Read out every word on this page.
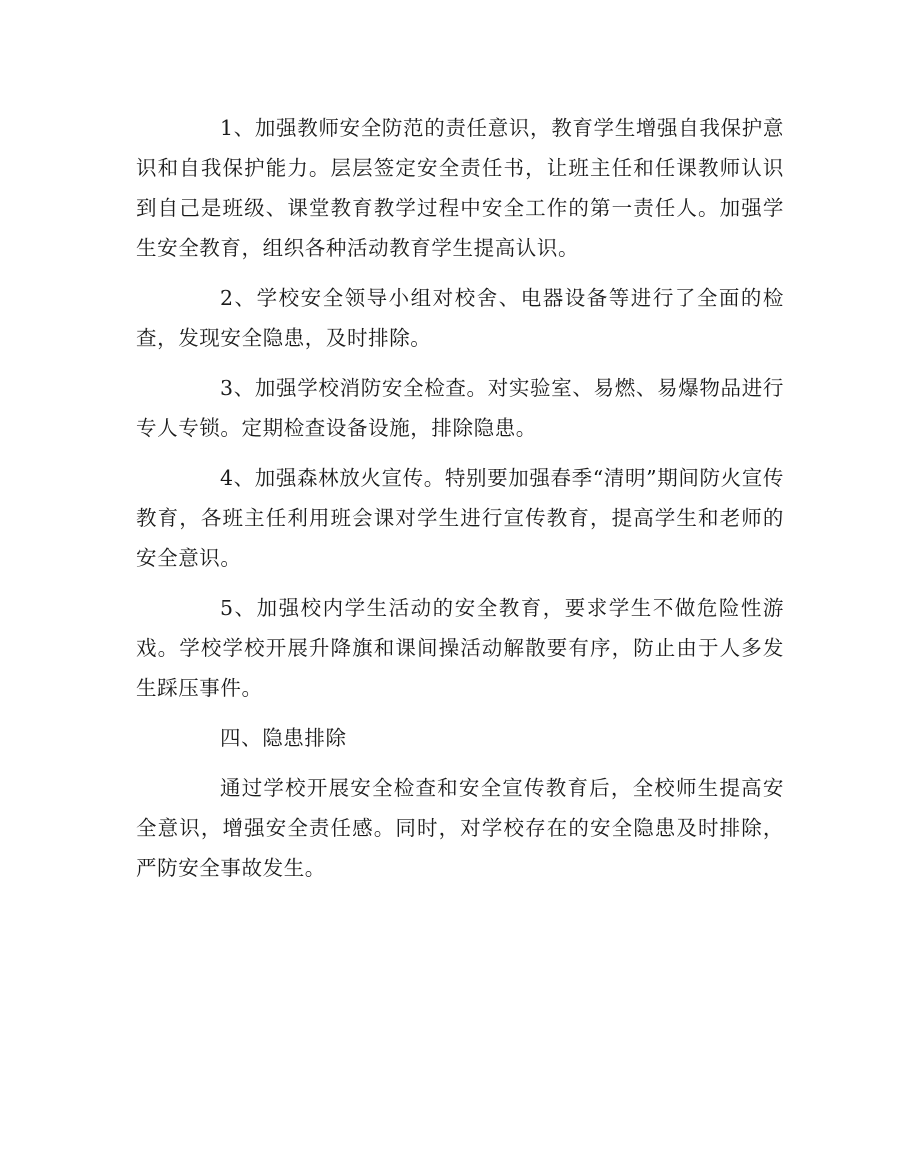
1、加强教师安全防范的责任意识，教育学生增强自我保护意识和自我保护能力。层层签定安全责任书，让班主任和任课教师认识到自己是班级、课堂教育教学过程中安全工作的第一责任人。加强学生安全教育，组织各种活动教育学生提高认识。

2、学校安全领导小组对校舍、电器设备等进行了全面的检查，发现安全隐患，及时排除。

3、加强学校消防安全检查。对实验室、易燃、易爆物品进行专人专锁。定期检查设备设施，排除隐患。

4、加强森林放火宣传。特别要加强春季“清明”期间防火宣传教育，各班主任利用班会课对学生进行宣传教育，提高学生和老师的安全意识。

5、加强校内学生活动的安全教育，要求学生不做危险性游戏。学校学校开展升降旗和课间操活动解散要有序，防止由于人多发生踩压事件。

四、隐患排除

通过学校开展安全检查和安全宣传教育后，全校师生提高安全意识，增强安全责任感。同时，对学校存在的安全隐患及时排除，严防安全事故发生。
